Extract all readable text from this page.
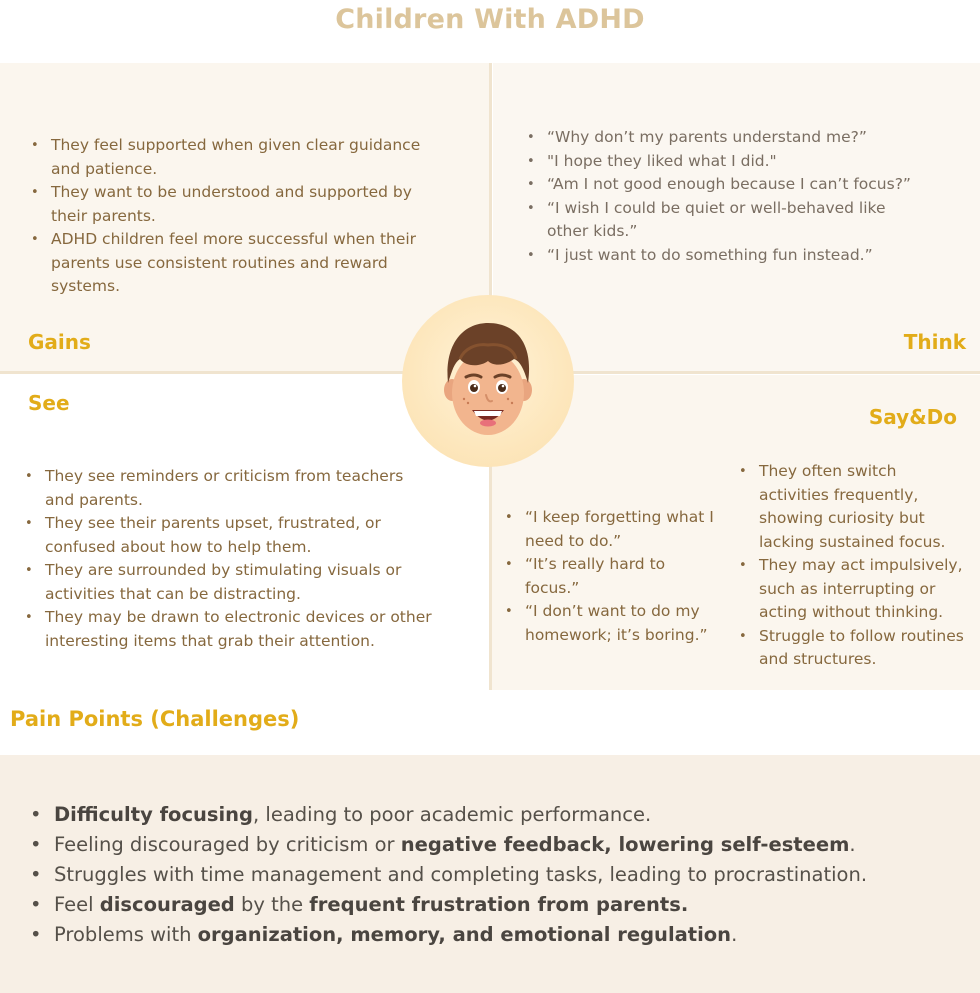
Children With ADHD
• They feel supported when given clear guidance and patience.
• They want to be understood and supported by their parents.
• ADHD children feel more successful when their parents use consistent routines and reward systems.
Gains
• “Why don’t my parents understand me?”
• "I hope they liked what I did."
• “Am I not good enough because I can’t focus?”
• “I wish I could be quiet or well-behaved like other kids.”
• “I just want to do something fun instead.”
Think
See
• They see reminders or criticism from teachers and parents.
• They see their parents upset, frustrated, or confused about how to help them.
• They are surrounded by stimulating visuals or activities that can be distracting.
• They may be drawn to electronic devices or other interesting items that grab their attention.
Say&Do
• “I keep forgetting what I need to do.”
• “It’s really hard to focus.”
• “I don’t want to do my homework; it’s boring.”
• They often switch activities frequently, showing curiosity but lacking sustained focus.
• They may act impulsively, such as interrupting or acting without thinking.
• Struggle to follow routines and structures.
Pain Points (Challenges)
• Difficulty focusing, leading to poor academic performance.
• Feeling discouraged by criticism or negative feedback, lowering self-esteem.
• Struggles with time management and completing tasks, leading to procrastination.
• Feel discouraged by the frequent frustration from parents.
• Problems with organization, memory, and emotional regulation.
